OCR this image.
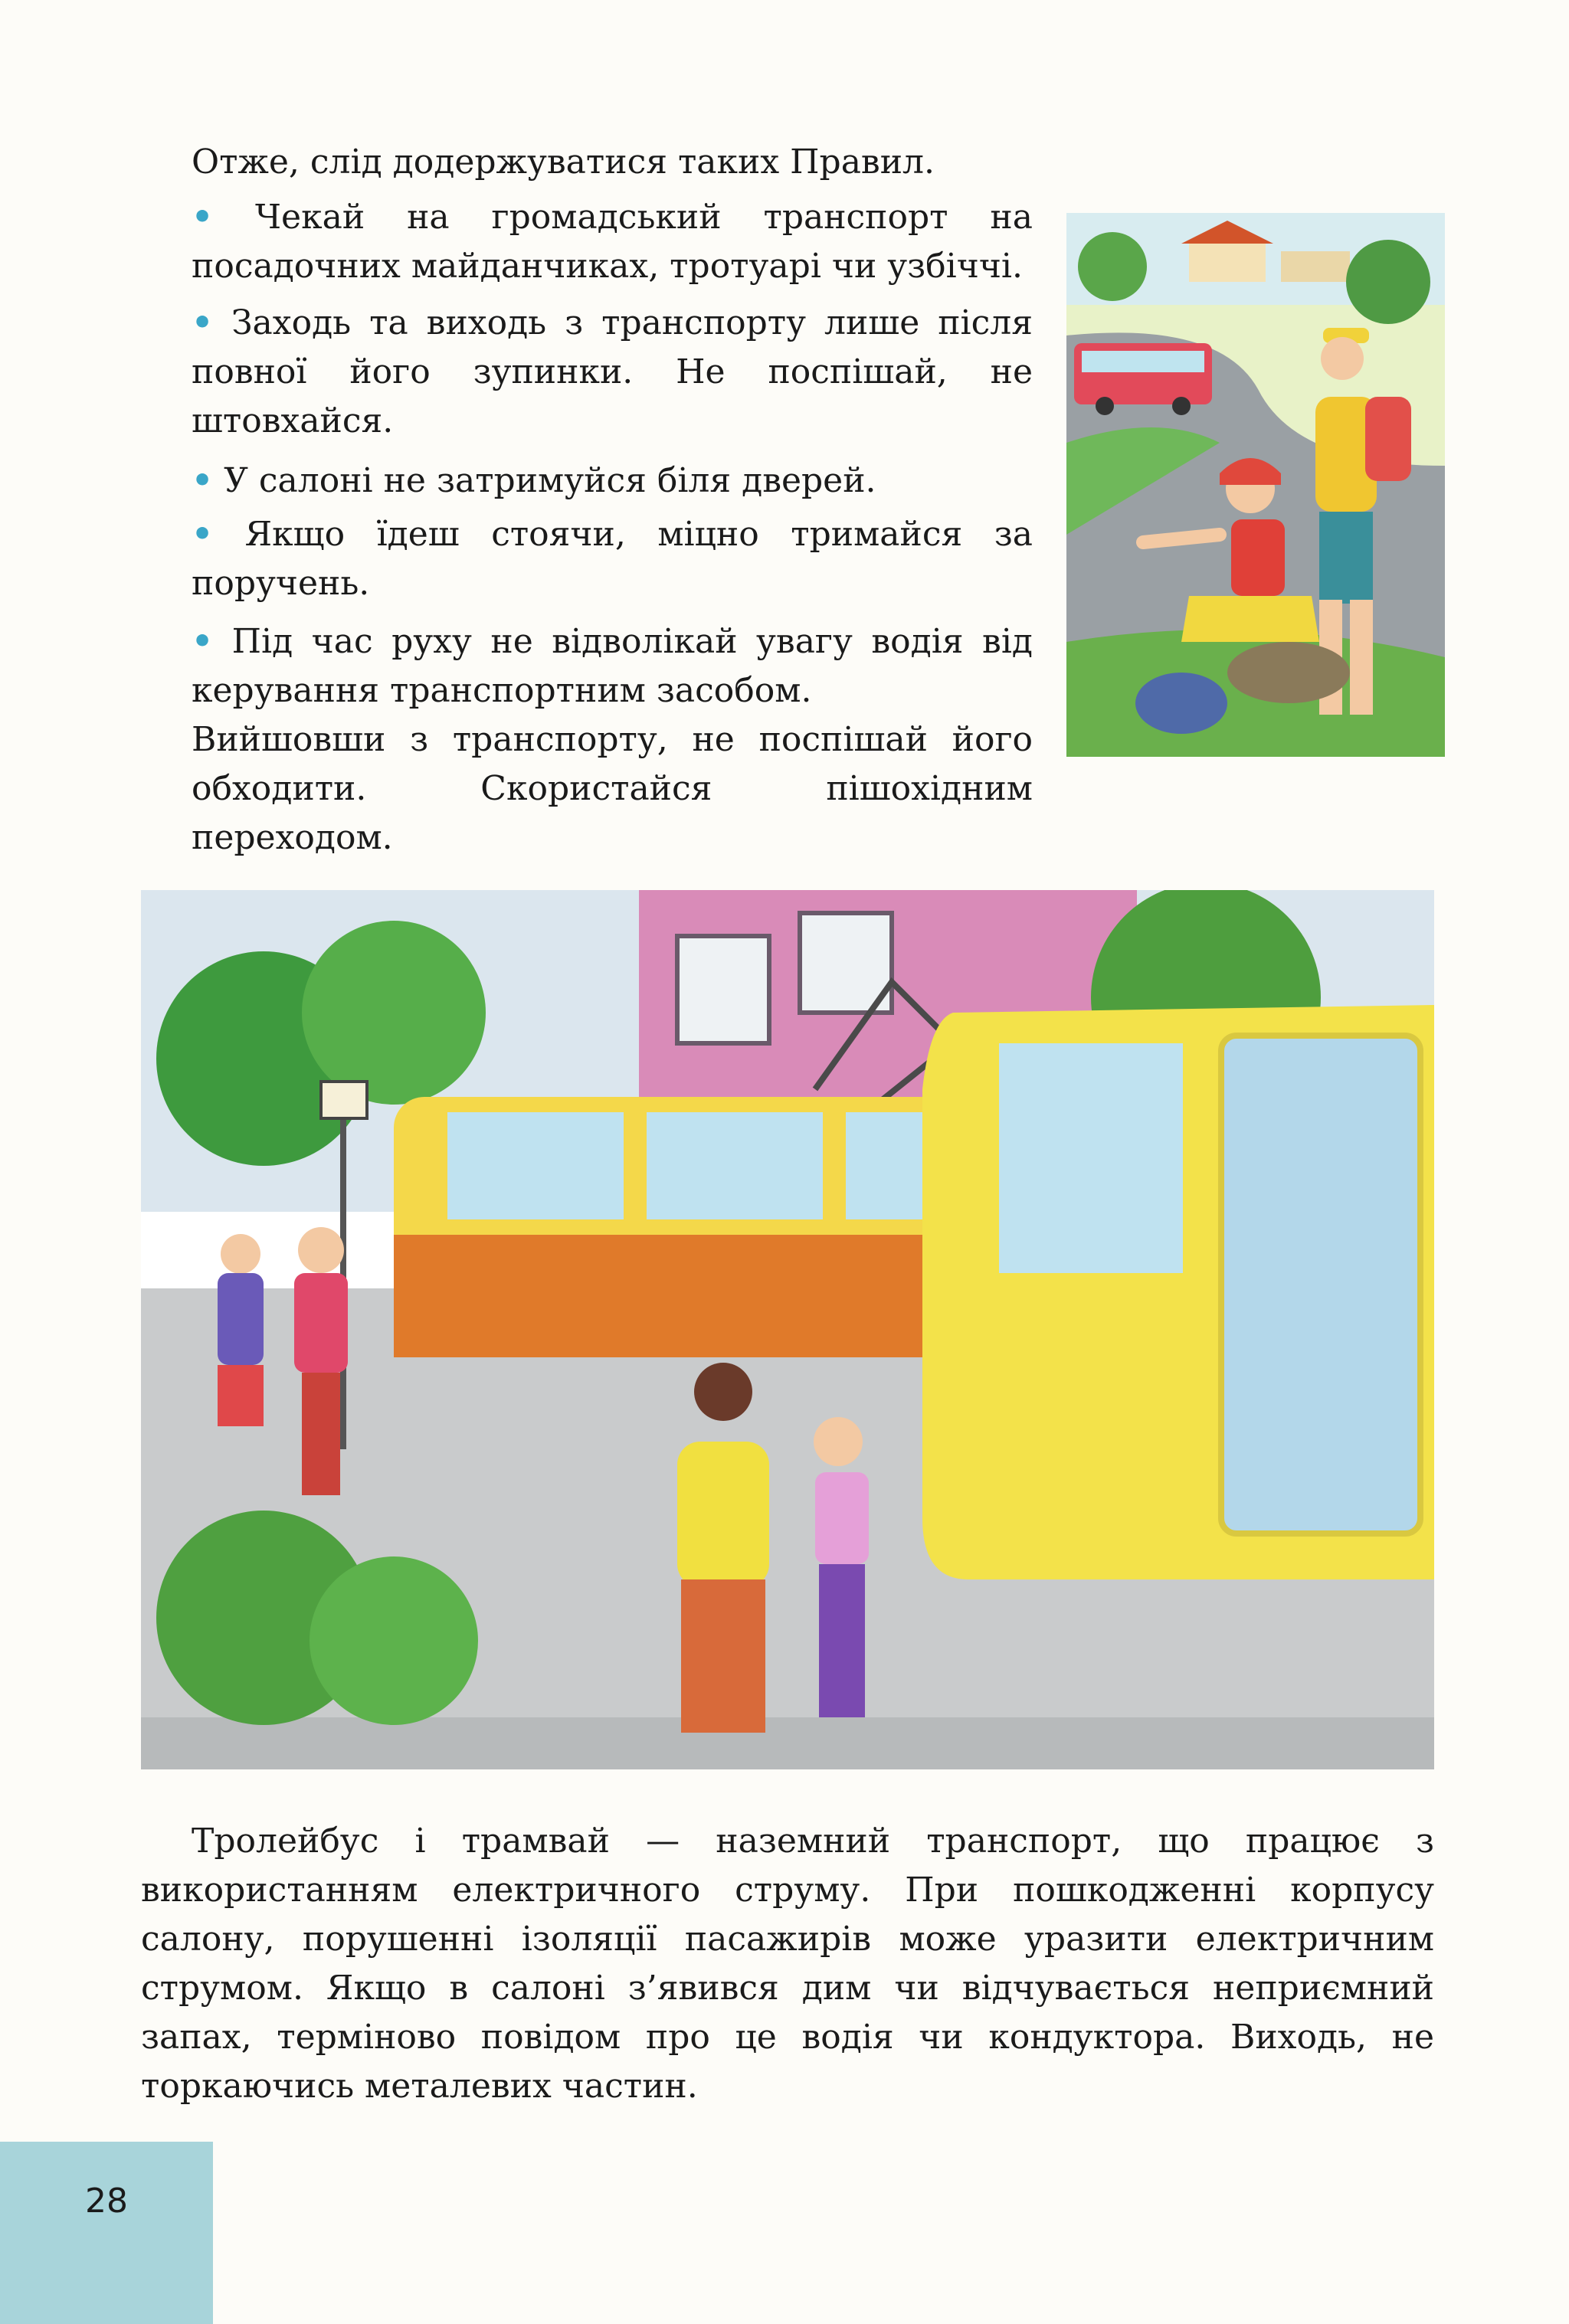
Отже, слід додержуватися таких Правил.

• Чекай на громадський транспорт на посадочних майданчиках, тротуарі чи узбіччі.

• Заходь та виходь з транспорту лише після повної його зупинки. Не поспішай, не штовхайся.

• У салоні не затримуйся біля дверей.

• Якщо їдеш стоячи, міцно тримайся за поручень.

• Під час руху не відволікай увагу водія від керування транспортним засобом.

Вийшовши з транспорту, не поспішай його обходити. Скористайся пішохідним переходом.

Тролейбус і трамвай — наземний транспорт, що працює з використанням електричного струму. При пошкодженні корпусу салону, порушенні ізоляції пасажирів може уразити електричним струмом. Якщо в салоні з’явився дим чи відчувається неприємний запах, терміново повідом про це водія чи кондуктора. Виходь, не торкаючись металевих частин.

28
